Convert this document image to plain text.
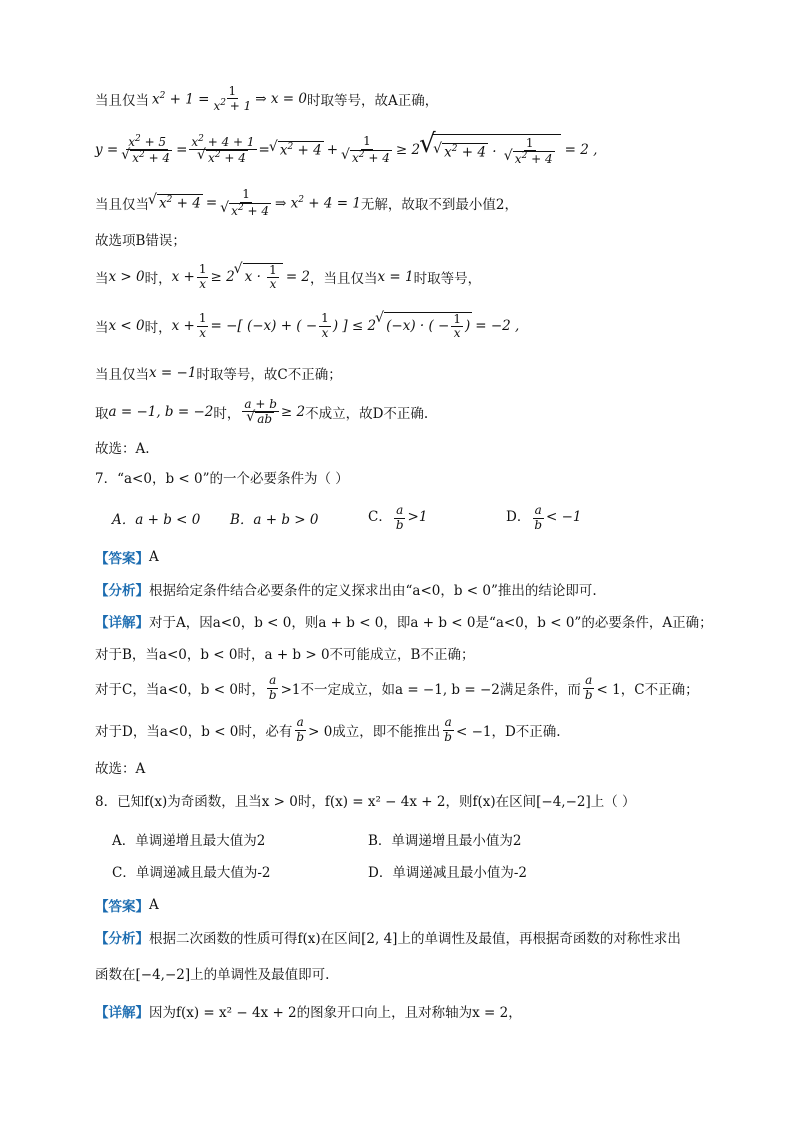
当且仅当 $x^2 + 1 = \frac{1}{x^2 + 1}$ ⇒ x = 0 时取等号，故A正确，
$y = x^2 + 5$
√ $x^2 + 4 = x^2 + 4 + 1$
√ $x^2 + 4$ = √ $x^2 + 4 + 1$
√ $x^2 + 4 \ge 2$ √ √ $x^2 + 4 \cdot 1$
√ $x^2 + 4 = 2$ ,
当且仅当 √ $x^2 + 4 = 1$
√ $x^2 + 4$ ⇒ $x^2 + 4 = 1$ 无解，故取不到最小值2，
故选项B错误；
当 x > 0 时， $x + \frac{1}{x} \ge 2$ √ $x \cdot \frac{1}{x} = 2$ ，当且仅当 x = 1 时取等号，
当 x < 0 时， $x + \frac{1}{x}$ = −[ (−x) + ( − $\frac{1}{x}$ ) ] ≤ 2 √ (−x) · ( − $\frac{1}{x}$ ) = −2 ,
当且仅当 x = −1 时取等号，故C不正确；
取 a = −1, b = −2 时， a + b
√ ab ≥ 2 不成立，故D不正确.
故选：A.
7．“a<0，b < 0”的一个必要条件为（ ）
A．a + b < 0	B．a + b > 0	C． $\frac{a}{b} >1$	D． $\frac{a}{b} < -1$
【答案】 A
【分析】 根据给定条件结合必要条件的定义探求出由“a<0，b < 0”推出的结论即可.
【详解】 对于A，因a<0，b < 0，则a + b < 0，即a + b < 0是“a<0，b < 0”的必要条件，A正确；
对于B，当a<0，b < 0时，a + b > 0不可能成立，B不正确；
对于C，当a<0，b < 0时， $\frac{a}{b} >1$不一定成立，如a = −1, b = −2满足条件，而 $\frac{a}{b} < 1$，C不正确；
对于D，当a<0，b < 0时，必有 $\frac{a}{b} > 0$成立，即不能推出 $\frac{a}{b} < -1$，D不正确.
故选：A
8．已知f(x)为奇函数，且当x > 0时，f(x) = x² − 4x + 2，则f(x)在区间[−4,−2]上（ ）
A．单调递增且最大值为2	B．单调递增且最小值为2
C．单调递减且最大值为-2	D．单调递减且最小值为-2
【答案】 A
【分析】 根据二次函数的性质可得f(x)在区间[2, 4]上的单调性及最值，再根据奇函数的对称性求出
函数在[−4,−2]上的单调性及最值即可.
【详解】 因为f(x) = x² − 4x + 2的图象开口向上，且对称轴为x = 2，
